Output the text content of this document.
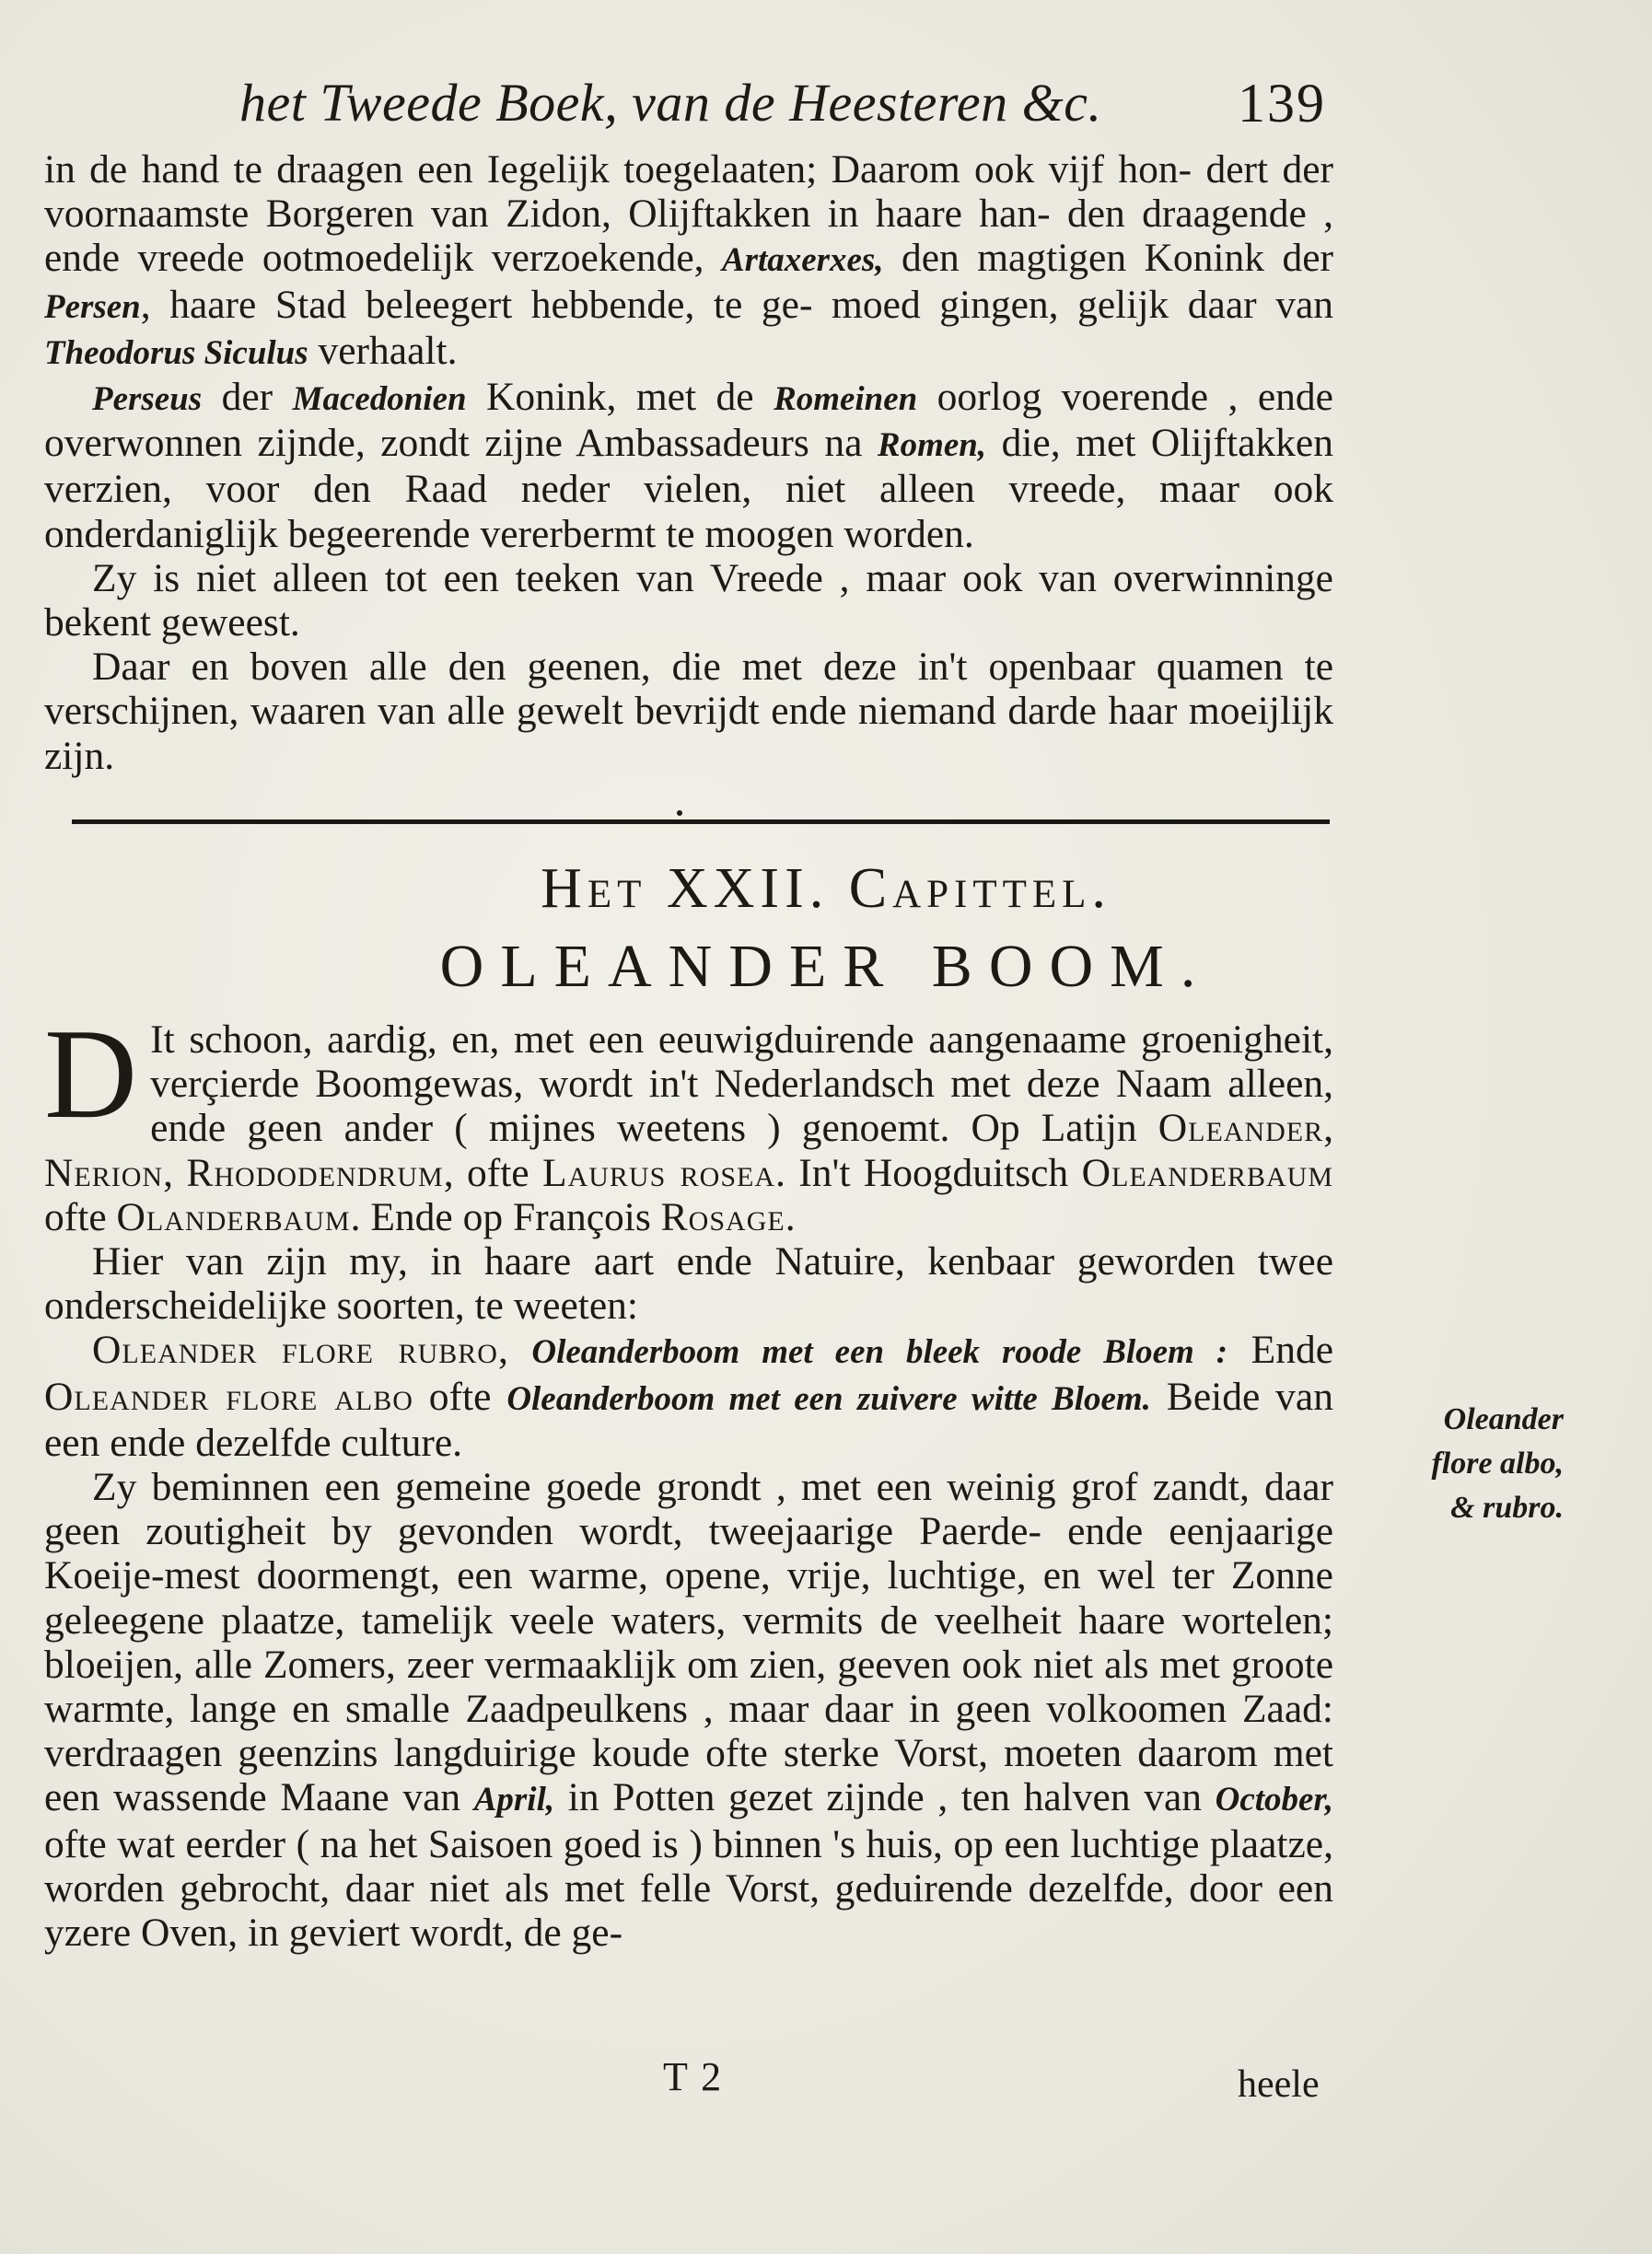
het Tweede Boek, van de Heesteren &c. 139

in de hand te draagen een Iegelijk toegelaaten; Daarom ook vijf hon- dert der voornaamste Borgeren van Zidon, Olijftakken in haare han- den draagende , ende vreede ootmoedelijk verzoekende, Artaxerxes, den magtigen Konink der Persen, haare Stad beleegert hebbende, te ge- moed gingen, gelijk daar van Theodorus Siculus verhaalt.

Perseus der Macedonien Konink, met de Romeinen oorlog voerende , ende overwonnen zijnde, zondt zijne Ambassadeurs na Romen, die, met Olijftakken verzien, voor den Raad neder vielen, niet alleen vreede, maar ook onderdaniglijk begeerende vererbermt te moogen worden.

Zy is niet alleen tot een teeken van Vreede , maar ook van overwinninge bekent geweest.

Daar en boven alle den geenen, die met deze in't openbaar quamen te verschijnen, waaren van alle gewelt bevrijdt ende niemand darde haar moeijlijk zijn.

Het XXII. Capittel.
OLEANDER BOOM.

D It schoon, aardig, en, met een eeuwigduirende aangenaame groenigheit, verçierde Boomgewas, wordt in't Nederlandsch met deze Naam alleen, ende geen ander ( mijnes weetens ) genoemt. Op Latijn Oleander, Nerion, Rhododendrum, ofte Laurus rosea. In't Hoogduitsch Oleanderbaum ofte Olanderbaum. Ende op François Rosage.

Hier van zijn my, in haare aart ende Natuire, kenbaar geworden twee onderscheidelijke soorten, te weeten:

Oleander flore rubro, Oleanderboom met een bleek roode Bloem : Ende Oleander flore albo ofte Oleanderboom met een zuivere witte Bloem. Beide van een ende dezelfde culture.

Zy beminnen een gemeine goede grondt , met een weinig grof zandt, daar geen zoutigheit by gevonden wordt, tweejaarige Paerde- ende eenjaarige Koeije-mest doormengt, een warme, opene, vrije, luchtige, en wel ter Zonne geleegene plaatze, tamelijk veele waters, vermits de veelheit haare wortelen; bloeijen, alle Zomers, zeer vermaaklijk om zien, geeven ook niet als met groote warmte, lange en smalle Zaadpeulkens , maar daar in geen volkoomen Zaad: verdraagen geenzins langduirige koude ofte sterke Vorst, moeten daarom met een wassende Maane van April, in Potten gezet zijnde , ten halven van October, ofte wat eerder ( na het Saisoen goed is ) binnen 's huis, op een luchtige plaatze, worden gebrocht, daar niet als met felle Vorst, geduirende dezelfde, door een yzere Oven, in geviert wordt, de ge-

Oleander
flore albo,
& rubro.
T 2	heele
